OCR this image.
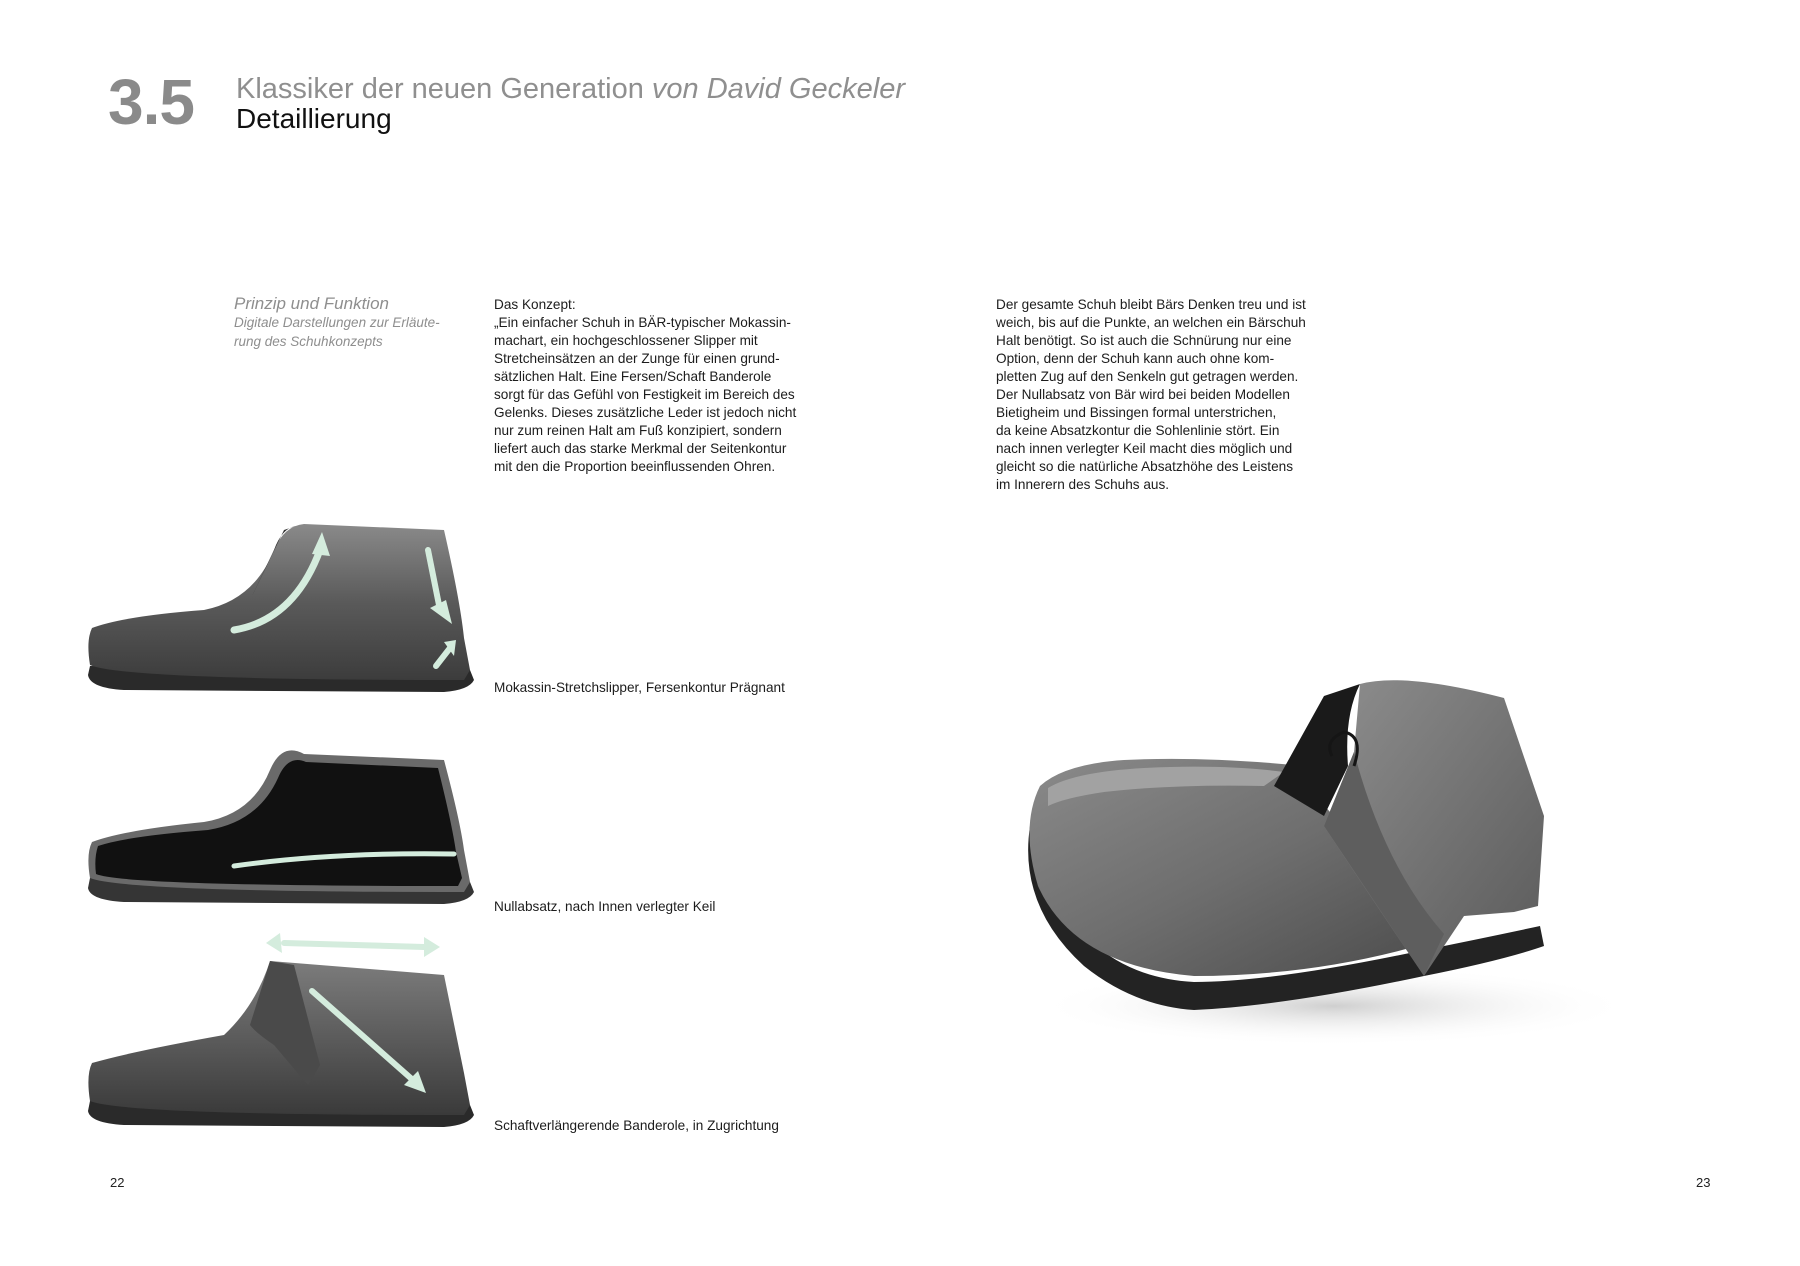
3.5 Klassiker der neuen Generation von David Geckeler
Detaillierung
Prinzip und Funktion
Digitale Darstellungen zur Erläute-
rung des Schuhkonzepts
Das Konzept:
„Ein einfacher Schuh in BÄR-typischer Mokassin-
machart, ein hochgeschlossener Slipper mit
Stretcheinsätzen an der Zunge für einen grund-
sätzlichen Halt. Eine Fersen/Schaft Banderole
sorgt für das Gefühl von Festigkeit im Bereich des
Gelenks. Dieses zusätzliche Leder ist jedoch nicht
nur zum reinen Halt am Fuß konzipiert, sondern
liefert auch das starke Merkmal der Seitenkontur
mit den die Proportion beeinflussenden Ohren.
Der gesamte Schuh bleibt Bärs Denken treu und ist
weich, bis auf die Punkte, an welchen ein Bärschuh
Halt benötigt. So ist auch die Schnürung nur eine
Option, denn der Schuh kann auch ohne kom-
pletten Zug auf den Senkeln gut getragen werden.
Der Nullabsatz von Bär wird bei beiden Modellen
Bietigheim und Bissingen formal unterstrichen,
da keine Absatzkontur die Sohlenlinie stört. Ein
nach innen verlegter Keil macht dies möglich und
gleicht so die natürliche Absatzhöhe des Leistens
im Innerern des Schuhs aus.
Mokassin-Stretchslipper, Fersenkontur Prägnant
Nullabsatz, nach Innen verlegter Keil
Schaftverlängerende Banderole, in Zugrichtung
22	23
